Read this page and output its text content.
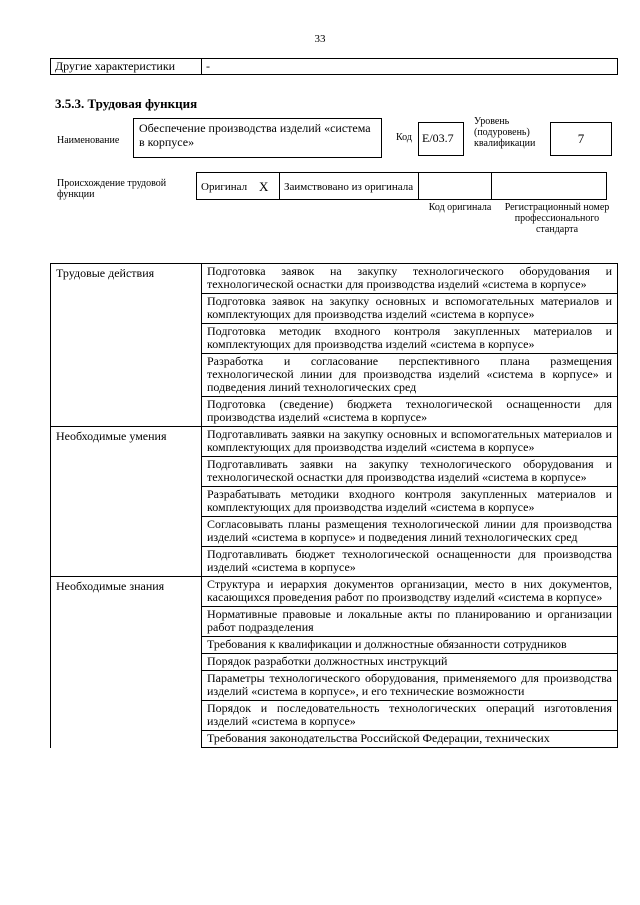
33
Другие характеристики	-
3.5.3. Трудовая функция
Наименование
Обеспечение производства изделий «система в корпусе»	Код E/03.7
Уровень (подуровень) квалификации	7
Происхождение трудовой функции
Оригинал	X	Заимствовано из оригинала		
Код оригинала	Регистрационный номер профессионального стандарта
Трудовые действия	Подготовка заявок на закупку технологического оборудования и технологической оснастки для производства изделий «система в корпусе»
	Подготовка заявок на закупку основных и вспомогательных материалов и комплектующих для производства изделий «система в корпусе»
	Подготовка методик входного контроля закупленных материалов и комплектующих для производства изделий «система в корпусе»
	Разработка и согласование перспективного плана размещения технологической линии для производства изделий «система в корпусе» и подведения линий технологических сред
	Подготовка (сведение) бюджета технологической оснащенности для производства изделий «система в корпусе»
Необходимые умения	Подготавливать заявки на закупку основных и вспомогательных материалов и комплектующих для производства изделий «система в корпусе»
	Подготавливать заявки на закупку технологического оборудования и технологической оснастки для производства изделий «система в корпусе»
	Разрабатывать методики входного контроля закупленных материалов и комплектующих для производства изделий «система в корпусе»
	Согласовывать планы размещения технологической линии для производства изделий «система в корпусе» и подведения линий технологических сред
	Подготавливать бюджет технологической оснащенности для производства изделий «система в корпусе»
Необходимые знания	Структура и иерархия документов организации, место в них документов, касающихся проведения работ по производству изделий «система в корпусе»
	Нормативные правовые и локальные акты по планированию и организации работ подразделения
	Требования к квалификации и должностные обязанности сотрудников
	Порядок разработки должностных инструкций
	Параметры технологического оборудования, применяемого для производства изделий «система в корпусе», и его технические возможности
	Порядок и последовательность технологических операций изготовления изделий «система в корпусе»
	Требования законодательства Российской Федерации, технических
